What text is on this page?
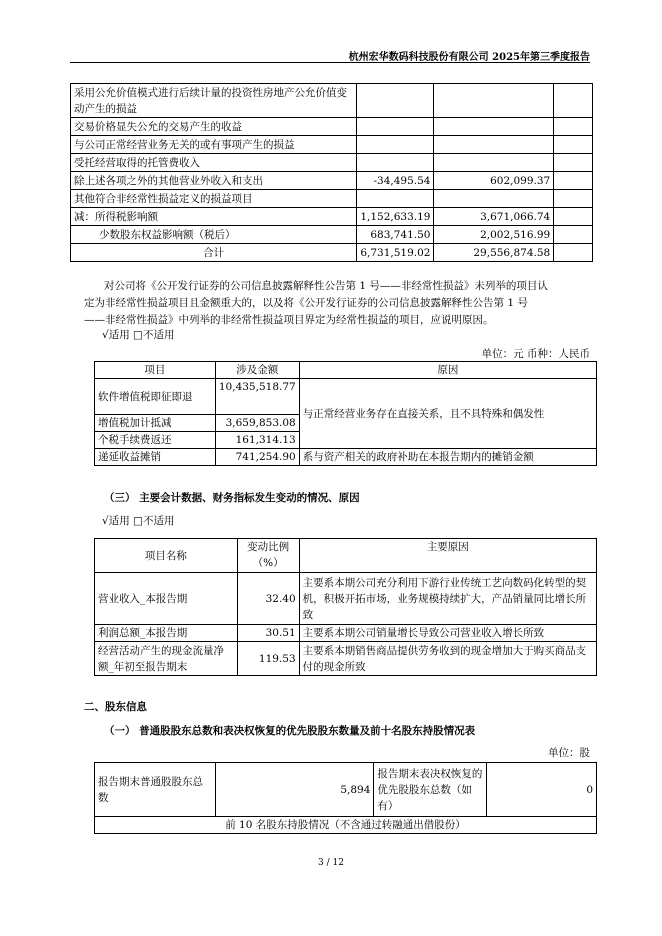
杭州宏华数码科技股份有限公司 2025年第三季度报告
采用公允价值模式进行后续计量的投资性房地产公允价值变动产生的损益			
交易价格显失公允的交易产生的收益			
与公司正常经营业务无关的或有事项产生的损益			
受托经营取得的托管费收入			
除上述各项之外的其他营业外收入和支出	-34,495.54	602,099.37	
其他符合非经常性损益定义的损益项目			
减：所得税影响额	1,152,633.19	3,671,066.74	
少数股东权益影响额（税后）	683,741.50	2,002,516.99	
合计	6,731,519.02	29,556,874.58	
对公司将《公开发行证券的公司信息披露解释性公告第 1 号——非经常性损益》未列举的项目认
定为非经常性损益项目且金额重大的，以及将《公开发行证券的公司信息披露解释性公告第 1 号
——非经常性损益》中列举的非经常性损益项目界定为经常性损益的项目，应说明原因。
√适用 □不适用
单位：元 币种：人民币
项目	涉及金额	原因
软件增值税即征即退	10,435,518.77	与正常经营业务存在直接关系，且不具特殊和偶发性
增值税加计抵减	3,659,853.08	
个税手续费返还	161,314.13	
递延收益摊销	741,254.90	系与资产相关的政府补助在本报告期内的摊销金额
（三） 主要会计数据、财务指标发生变动的情况、原因
√适用 □不适用
项目名称	变动比例（%）	主要原因
营业收入_本报告期	32.40	主要系本期公司充分利用下游行业传统工艺向数码化转型的契机，积极开拓市场，业务规模持续扩大，产品销量同比增长所致
利润总额_本报告期	30.51	主要系本期公司销量增长导致公司营业收入增长所致
经营活动产生的现金流量净额_年初至报告期末	119.53	主要系本期销售商品提供劳务收到的现金增加大于购买商品支付的现金所致
二、股东信息
（一） 普通股股东总数和表决权恢复的优先股股东数量及前十名股东持股情况表
单位：股
报告期末普通股股东总数	5,894	报告期末表决权恢复的优先股股东总数（如有）	0
前 10 名股东持股情况（不含通过转融通出借股份）
3 / 12
